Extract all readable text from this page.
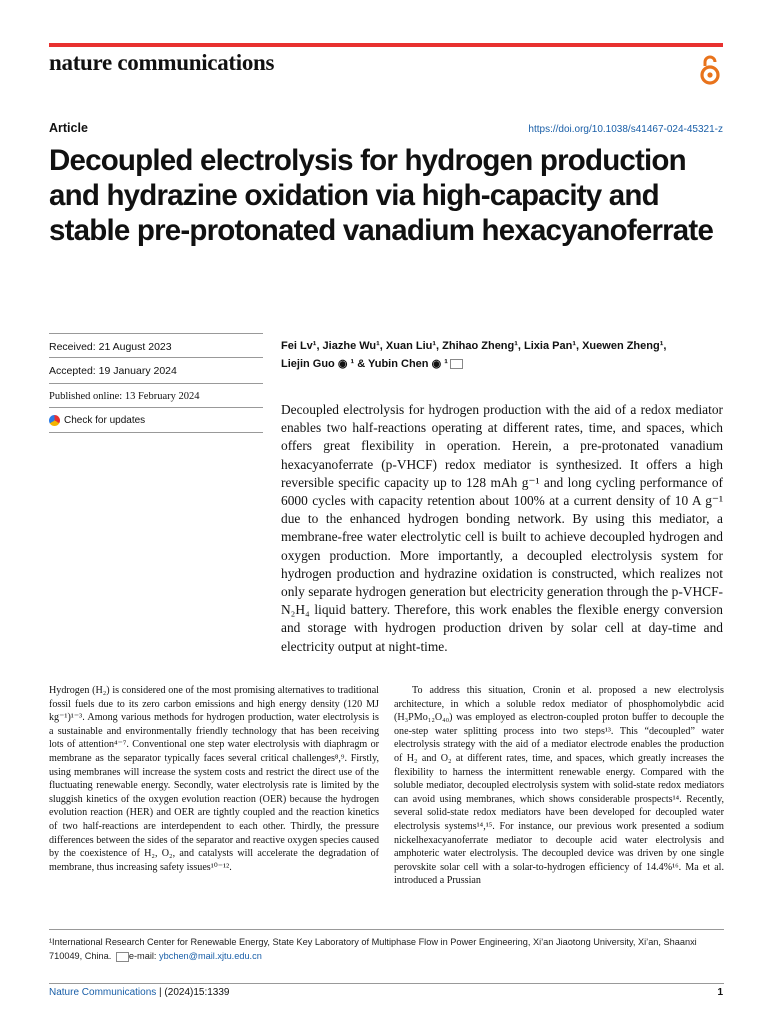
nature communications
Article	https://doi.org/10.1038/s41467-024-45321-z
Decoupled electrolysis for hydrogen production and hydrazine oxidation via high-capacity and stable pre-protonated vanadium hexacyanoferrate
Received: 21 August 2023
Accepted: 19 January 2024
Published online: 13 February 2024
Check for updates
Fei Lv¹, Jiazhe Wu¹, Xuan Liu¹, Zhihao Zheng¹, Lixia Pan¹, Xuewen Zheng¹,
Liejin Guo ◉ ¹ & Yubin Chen ◉ ¹
Decoupled electrolysis for hydrogen production with the aid of a redox mediator enables two half-reactions operating at different rates, time, and spaces, which offers great flexibility in operation. Herein, a pre-protonated vanadium hexacyanoferrate (p-VHCF) redox mediator is synthesized. It offers a high reversible specific capacity up to 128 mAh g⁻¹ and long cycling performance of 6000 cycles with capacity retention about 100% at a current density of 10 A g⁻¹ due to the enhanced hydrogen bonding network. By using this mediator, a membrane-free water electrolytic cell is built to achieve decoupled hydrogen and oxygen production. More importantly, a decoupled electrolysis system for hydrogen production and hydrazine oxidation is constructed, which realizes not only separate hydrogen generation but electricity generation through the p-VHCF-N₂H₄ liquid battery. Therefore, this work enables the flexible energy conversion and storage with hydrogen production driven by solar cell at day-time and electricity output at night-time.

Hydrogen (H₂) is considered one of the most promising alternatives to traditional fossil fuels due to its zero carbon emissions and high energy density (120 MJ kg⁻¹)¹⁻³. Among various methods for hydrogen production, water electrolysis is a sustainable and environmentally friendly technology that has been receiving lots of attention⁴⁻⁷. Conventional one step water electrolysis with diaphragm or membrane as the separator typically faces several critical challenges⁸,⁹. Firstly, using membranes will increase the system costs and restrict the direct use of the fluctuating renewable energy. Secondly, water electrolysis rate is limited by the sluggish kinetics of the oxygen evolution reaction (OER) because the hydrogen evolution reaction (HER) and OER are tightly coupled and the reaction kinetics of two half-reactions are interdependent to each other. Thirdly, the pressure differences between the sides of the separator and reactive oxygen species caused by the coexistence of H₂, O₂, and catalysts will accelerate the degradation of membrane, thus increasing safety issues¹⁰⁻¹².

To address this situation, Cronin et al. proposed a new electrolysis architecture, in which a soluble redox mediator of phosphomolybdic acid (H₃PMo₁₂O₄₀) was employed as electron-coupled proton buffer to decouple the one-step water splitting process into two steps¹³. This “decoupled” water electrolysis strategy with the aid of a mediator electrode enables the production of H₂ and O₂ at different rates, time, and spaces, which greatly increases the flexibility to harness the intermittent renewable energy. Compared with the soluble mediator, decoupled electrolysis system with solid-state redox mediators can avoid using membranes, which shows considerable prospects¹⁴. Recently, several solid-state redox mediators have been developed for decoupled water electrolysis systems¹⁴,¹⁵. For instance, our previous work presented a sodium nickelhexacyanoferrate mediator to decouple acid water electrolysis and amphoteric water electrolysis. The decoupled device was driven by one single perovskite solar cell with a solar-to-hydrogen efficiency of 14.4%¹⁶. Ma et al. introduced a Prussian

¹International Research Center for Renewable Energy, State Key Laboratory of Multiphase Flow in Power Engineering, Xi’an Jiaotong University, Xi’an, Shaanxi 710049, China. e-mail: ybchen@mail.xjtu.edu.cn
Nature Communications | (2024)15:1339	1
